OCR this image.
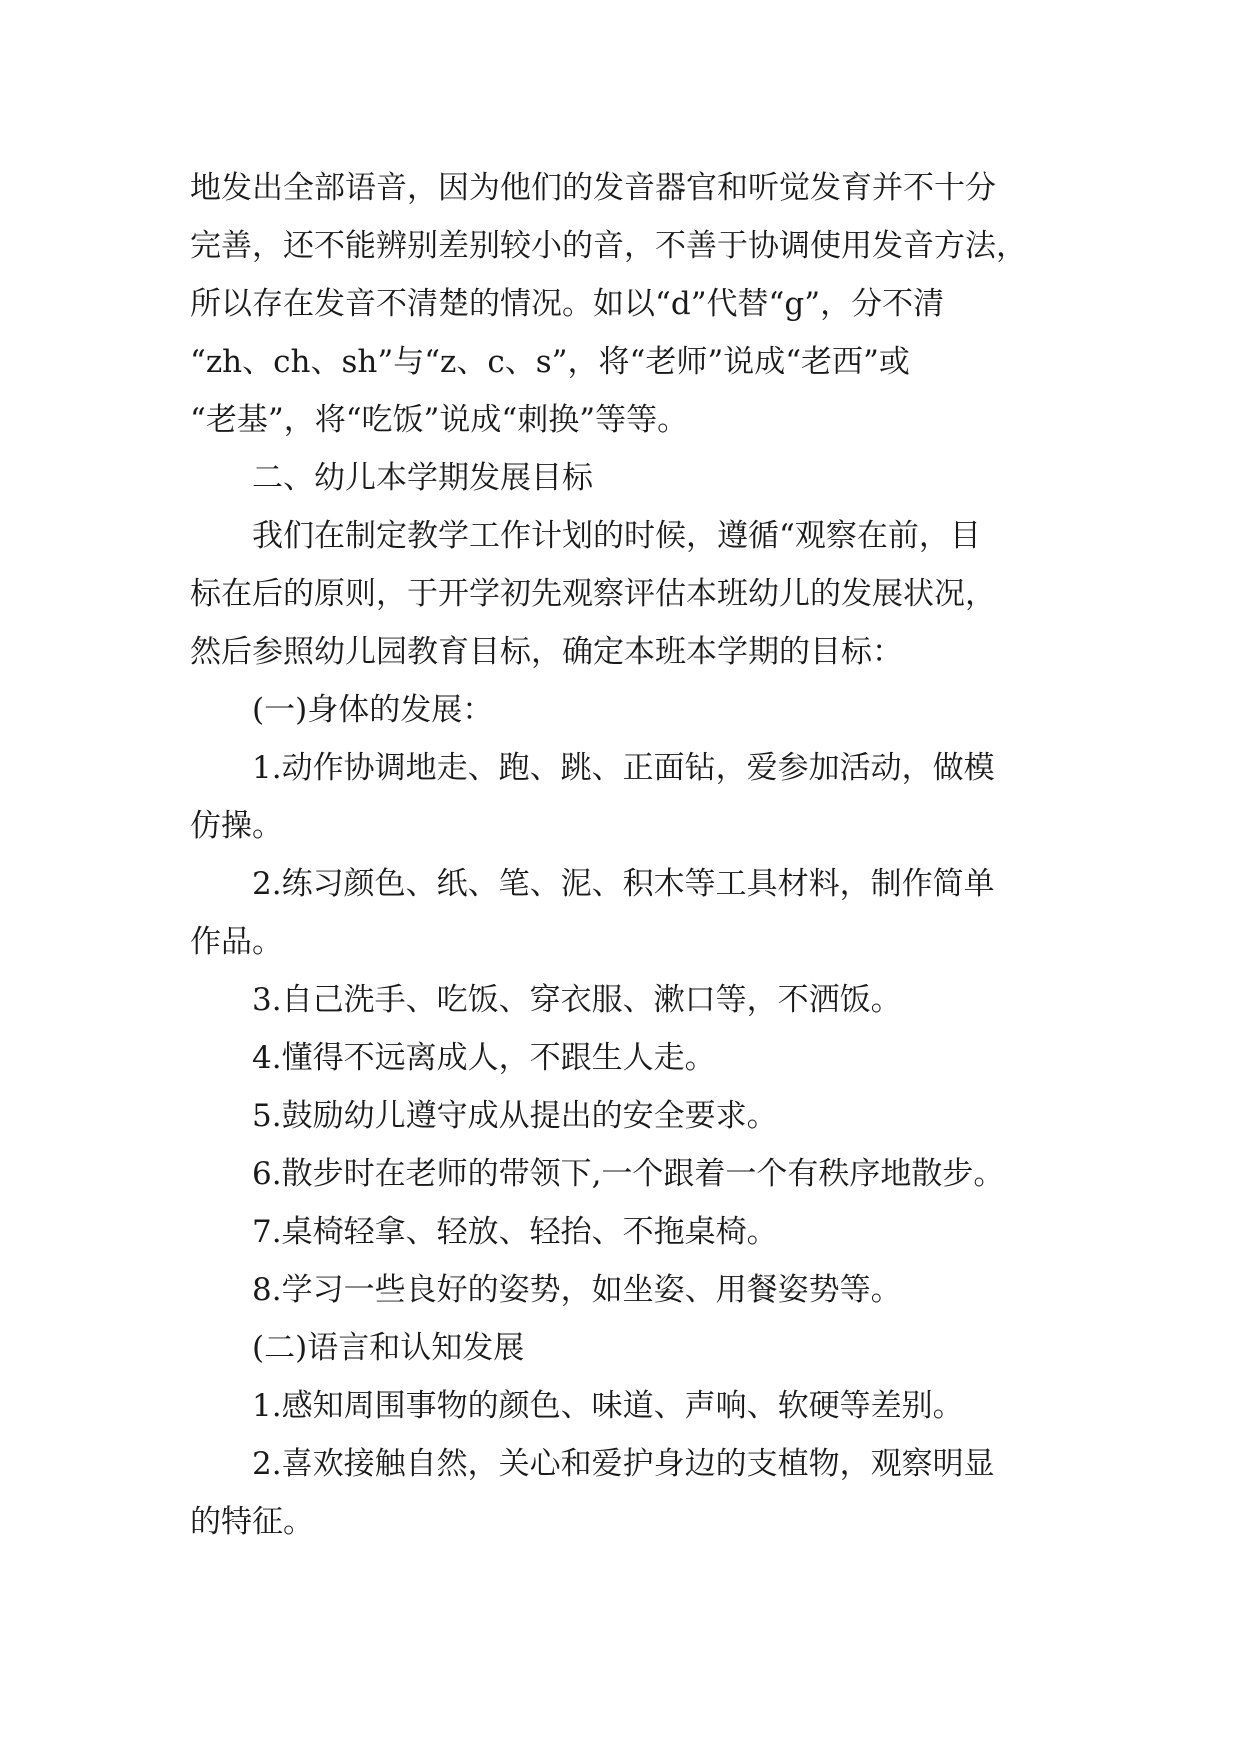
地发出全部语音，因为他们的发音器官和听觉发育并不十分
完善，还不能辨别差别较小的音，不善于协调使用发音方法，
所以存在发音不清楚的情况。如以“d”代替“g”，分不清
“zh、ch、sh”与“z、c、s”，将“老师”说成“老西”或
“老基”，将“吃饭”说成“刺换”等等。
二、幼儿本学期发展目标
我们在制定教学工作计划的时候，遵循“观察在前，目
标在后的原则，于开学初先观察评估本班幼儿的发展状况，
然后参照幼儿园教育目标，确定本班本学期的目标：
(一)身体的发展：
1.动作协调地走、跑、跳、正面钻，爱参加活动，做模
仿操。
2.练习颜色、纸、笔、泥、积木等工具材料，制作简单
作品。
3.自己洗手、吃饭、穿衣服、漱口等，不洒饭。
4.懂得不远离成人，不跟生人走。
5.鼓励幼儿遵守成从提出的安全要求。
6.散步时在老师的带领下,一个跟着一个有秩序地散步。
7.桌椅轻拿、轻放、轻抬、不拖桌椅。
8.学习一些良好的姿势，如坐姿、用餐姿势等。
(二)语言和认知发展
1.感知周围事物的颜色、味道、声响、软硬等差别。
2.喜欢接触自然，关心和爱护身边的支植物，观察明显
的特征。
